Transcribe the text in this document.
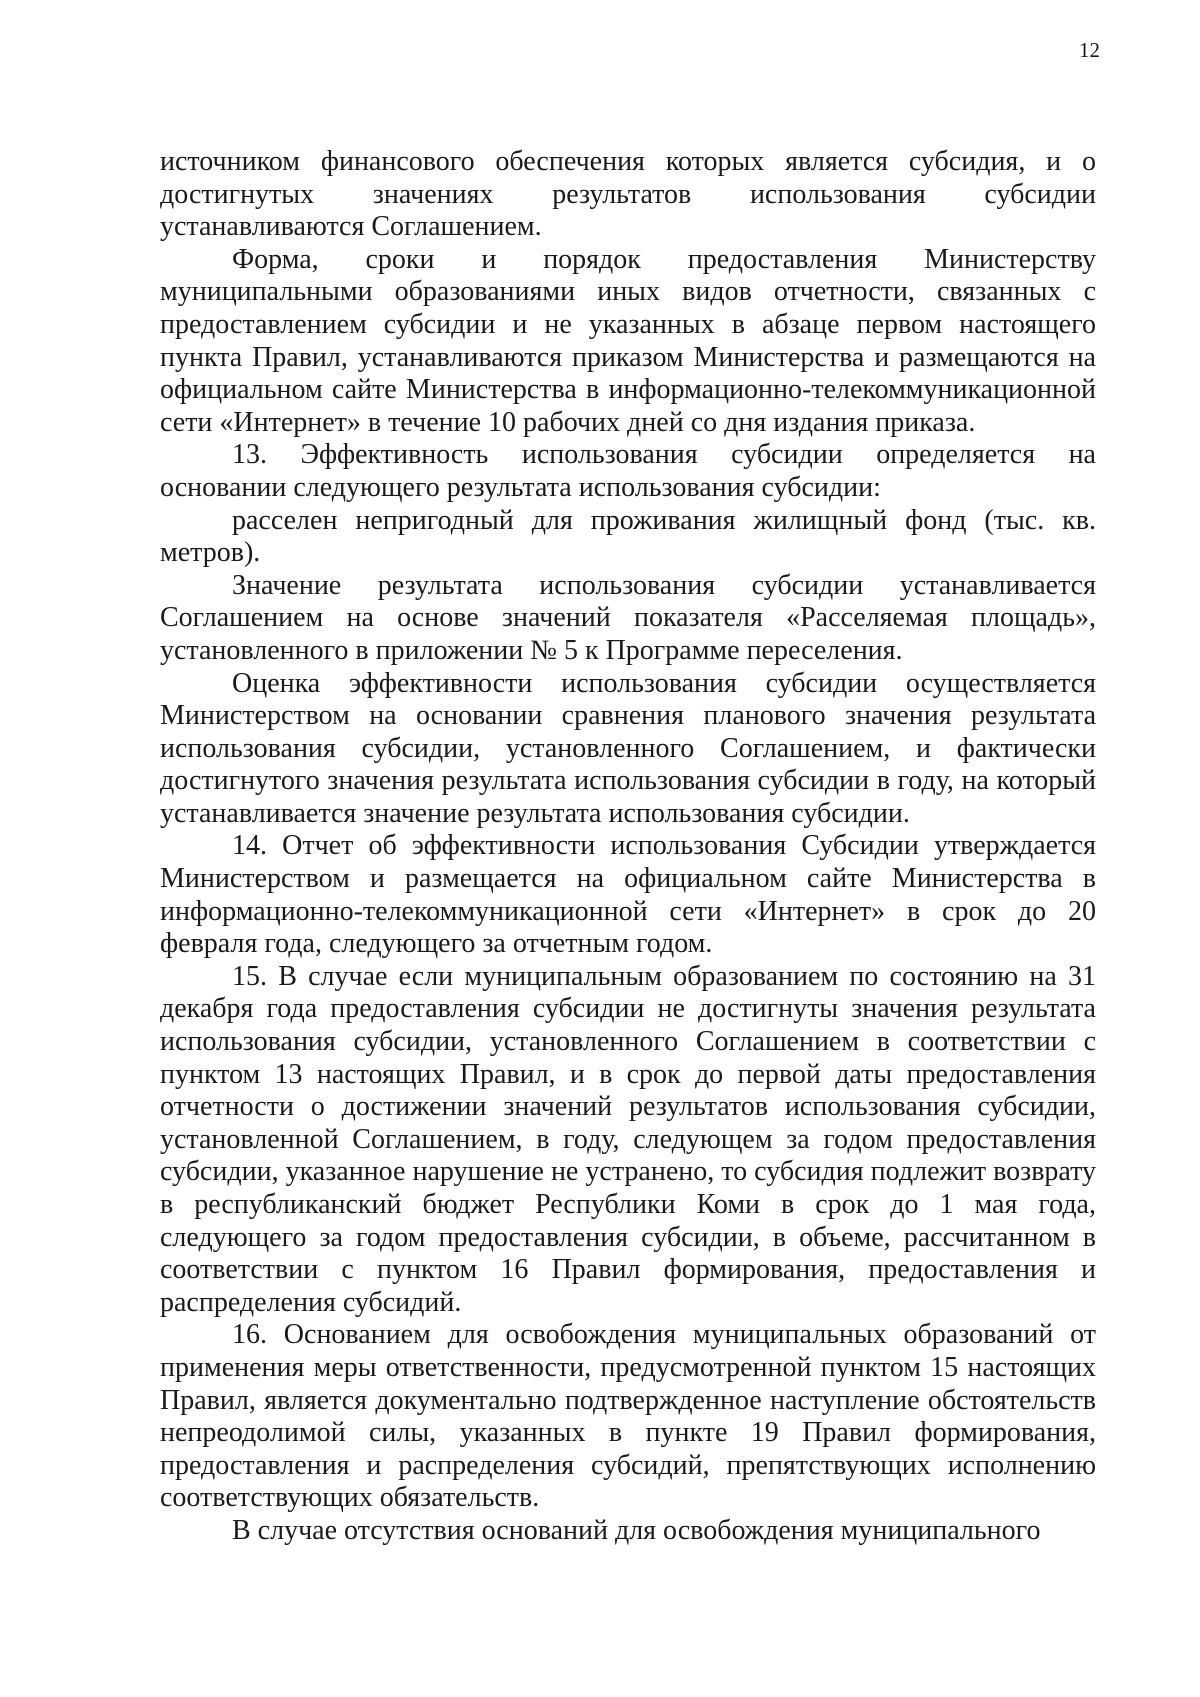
12

источником финансового обеспечения которых является субсидия, и о достигнутых значениях результатов использования субсидии устанавливаются Соглашением.

Форма, сроки и порядок предоставления Министерству муниципальными образованиями иных видов отчетности, связанных с предоставлением субсидии и не указанных в абзаце первом настоящего пункта Правил, устанавливаются приказом Министерства и размещаются на официальном сайте Министерства в информационно-телекоммуникационной сети «Интернет» в течение 10 рабочих дней со дня издания приказа.

13. Эффективность использования субсидии определяется на основании следующего результата использования субсидии:

расселен непригодный для проживания жилищный фонд (тыс. кв. метров).

Значение результата использования субсидии устанавливается Соглашением на основе значений показателя «Расселяемая площадь», установленного в приложении № 5 к Программе переселения.

Оценка эффективности использования субсидии осуществляется Министерством на основании сравнения планового значения результата использования субсидии, установленного Соглашением, и фактически достигнутого значения результата использования субсидии в году, на который устанавливается значение результата использования субсидии.

14. Отчет об эффективности использования Субсидии утверждается Министерством и размещается на официальном сайте Министерства в информационно-телекоммуникационной сети «Интернет» в срок до 20 февраля года, следующего за отчетным годом.

15. В случае если муниципальным образованием по состоянию на 31 декабря года предоставления субсидии не достигнуты значения результата использования субсидии, установленного Соглашением в соответствии с пунктом 13 настоящих Правил, и в срок до первой даты предоставления отчетности о достижении значений результатов использования субсидии, установленной Соглашением, в году, следующем за годом предоставления субсидии, указанное нарушение не устранено, то субсидия подлежит возврату в республиканский бюджет Республики Коми в срок до 1 мая года, следующего за годом предоставления субсидии, в объеме, рассчитанном в соответствии с пунктом 16 Правил формирования, предоставления и распределения субсидий.

16. Основанием для освобождения муниципальных образований от применения меры ответственности, предусмотренной пунктом 15 настоящих Правил, является документально подтвержденное наступление обстоятельств непреодолимой силы, указанных в пункте 19 Правил формирования, предоставления и распределения субсидий, препятствующих исполнению соответствующих обязательств.

В случае отсутствия оснований для освобождения муниципального
